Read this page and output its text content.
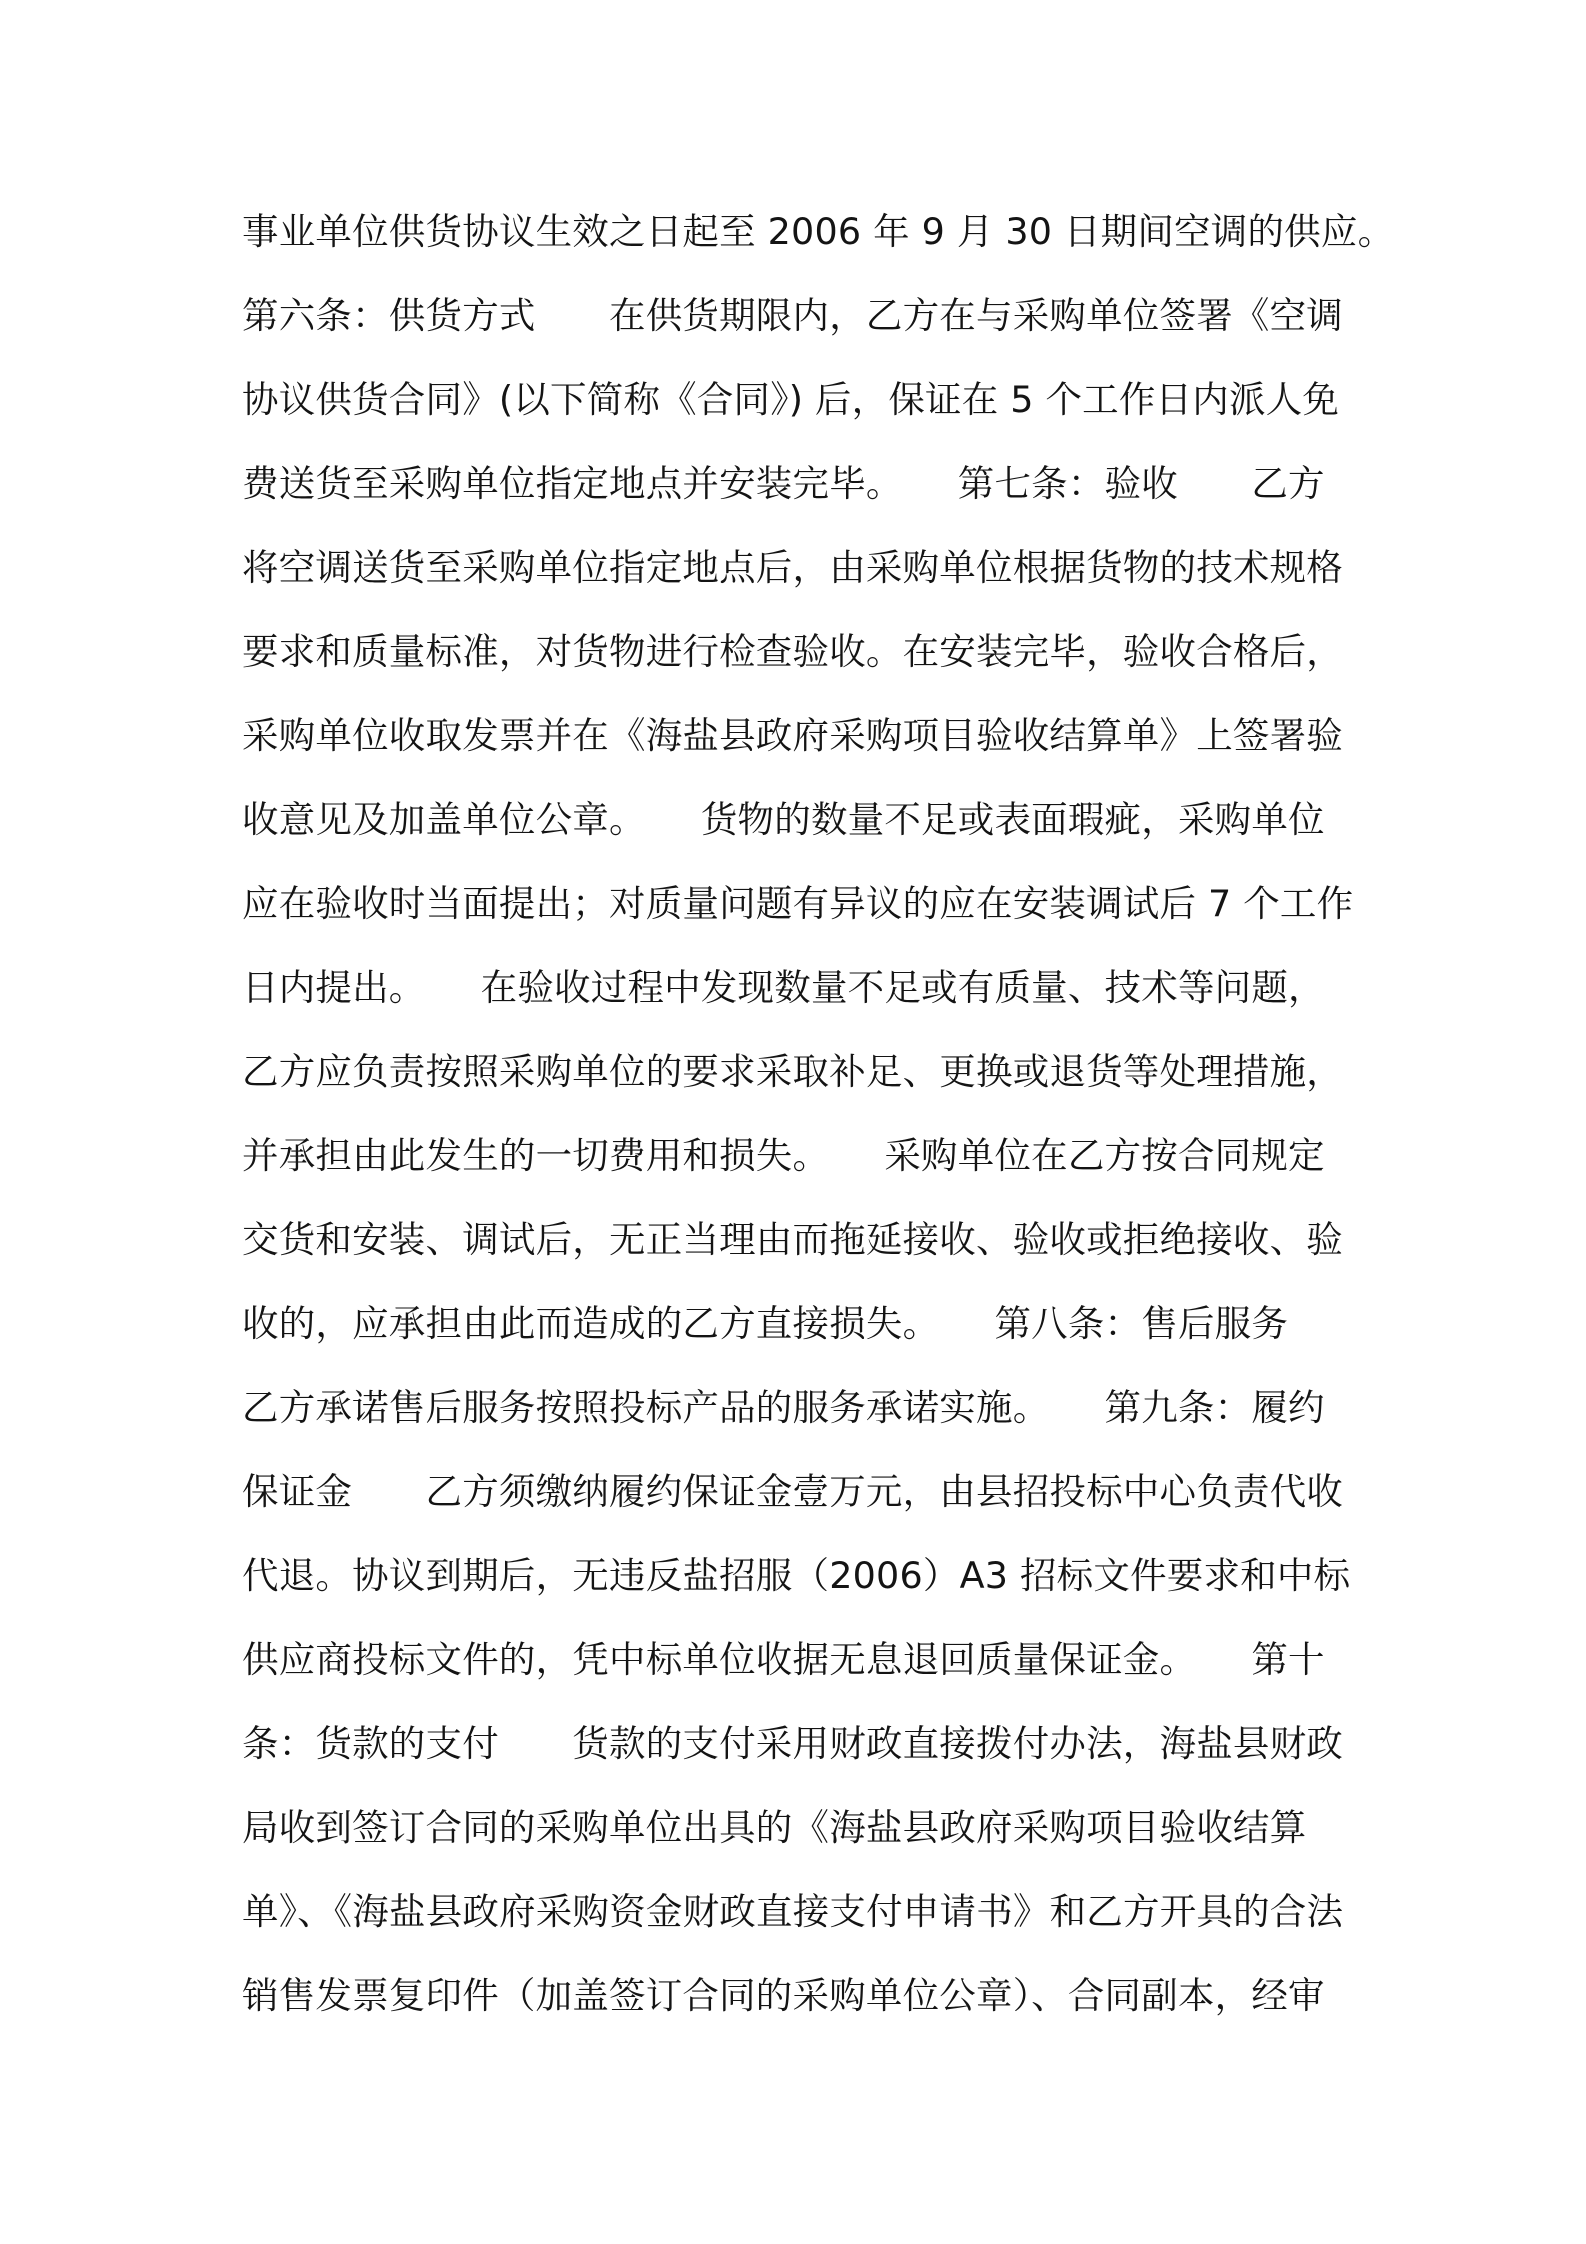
事业单位供货协议生效之日起至 2006 年 9 月 30 日期间空调的供应。
第六条：供货方式　　在供货期限内，乙方在与采购单位签署《空调
协议供货合同》(以下简称《合同》) 后，保证在 5 个工作日内派人免
费送货至采购单位指定地点并安装完毕。　　第七条：验收　　乙方
将空调送货至采购单位指定地点后，由采购单位根据货物的技术规格
要求和质量标准，对货物进行检查验收。在安装完毕，验收合格后，
采购单位收取发票并在《海盐县政府采购项目验收结算单》上签署验
收意见及加盖单位公章。　　货物的数量不足或表面瑕疵，采购单位
应在验收时当面提出；对质量问题有异议的应在安装调试后 7 个工作
日内提出。　　在验收过程中发现数量不足或有质量、技术等问题，
乙方应负责按照采购单位的要求采取补足、更换或退货等处理措施，
并承担由此发生的一切费用和损失。　　采购单位在乙方按合同规定
交货和安装、调试后，无正当理由而拖延接收、验收或拒绝接收、验
收的，应承担由此而造成的乙方直接损失。　　第八条：售后服务
乙方承诺售后服务按照投标产品的服务承诺实施。　　第九条：履约
保证金　　乙方须缴纳履约保证金壹万元，由县招投标中心负责代收
代退。协议到期后，无违反盐招服（2006）A3 招标文件要求和中标
供应商投标文件的，凭中标单位收据无息退回质量保证金。　　第十
条：货款的支付　　货款的支付采用财政直接拨付办法，海盐县财政
局收到签订合同的采购单位出具的《海盐县政府采购项目验收结算
单》、《海盐县政府采购资金财政直接支付申请书》和乙方开具的合法
销售发票复印件（加盖签订合同的采购单位公章）、合同副本，经审
